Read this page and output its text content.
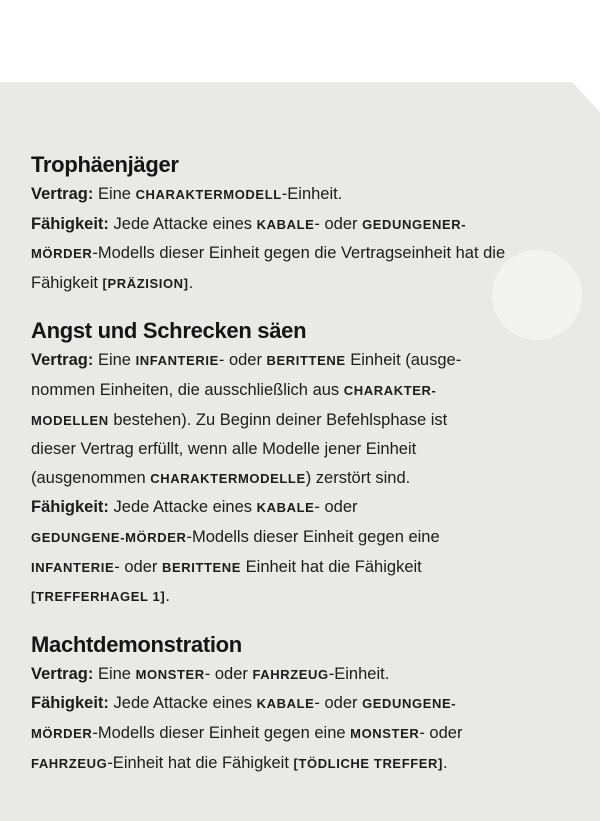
Trophäenjäger
Vertrag: Eine CHARAKTERMODELL-Einheit.
Fähigkeit: Jede Attacke eines KABALE- oder GEDUNGENER-
MÖRDER-Modells dieser Einheit gegen die Vertragseinheit hat die Fähigkeit [PRÄZISION].
Angst und Schrecken säen
Vertrag: Eine INFANTERIE- oder BERITTENE Einheit (ausge-
nommen Einheiten, die ausschließlich aus CHARAKTER-
MODELLEN bestehen). Zu Beginn deiner Befehlsphase ist
dieser Vertrag erfüllt, wenn alle Modelle jener Einheit
(ausgenommen CHARAKTERMODELLE) zerstört sind.
Fähigkeit: Jede Attacke eines KABALE- oder
GEDUNGENE-MÖRDER-Modells dieser Einheit gegen eine
INFANTERIE- oder BERITTENE Einheit hat die Fähigkeit
[TREFFERHAGEL 1].
Machtdemonstration
Vertrag: Eine MONSTER- oder FAHRZEUG-Einheit.
Fähigkeit: Jede Attacke eines KABALE- oder GEDUNGENE-
MÖRDER-Modells dieser Einheit gegen eine MONSTER- oder
FAHRZEUG-Einheit hat die Fähigkeit [TÖDLICHE TREFFER].
